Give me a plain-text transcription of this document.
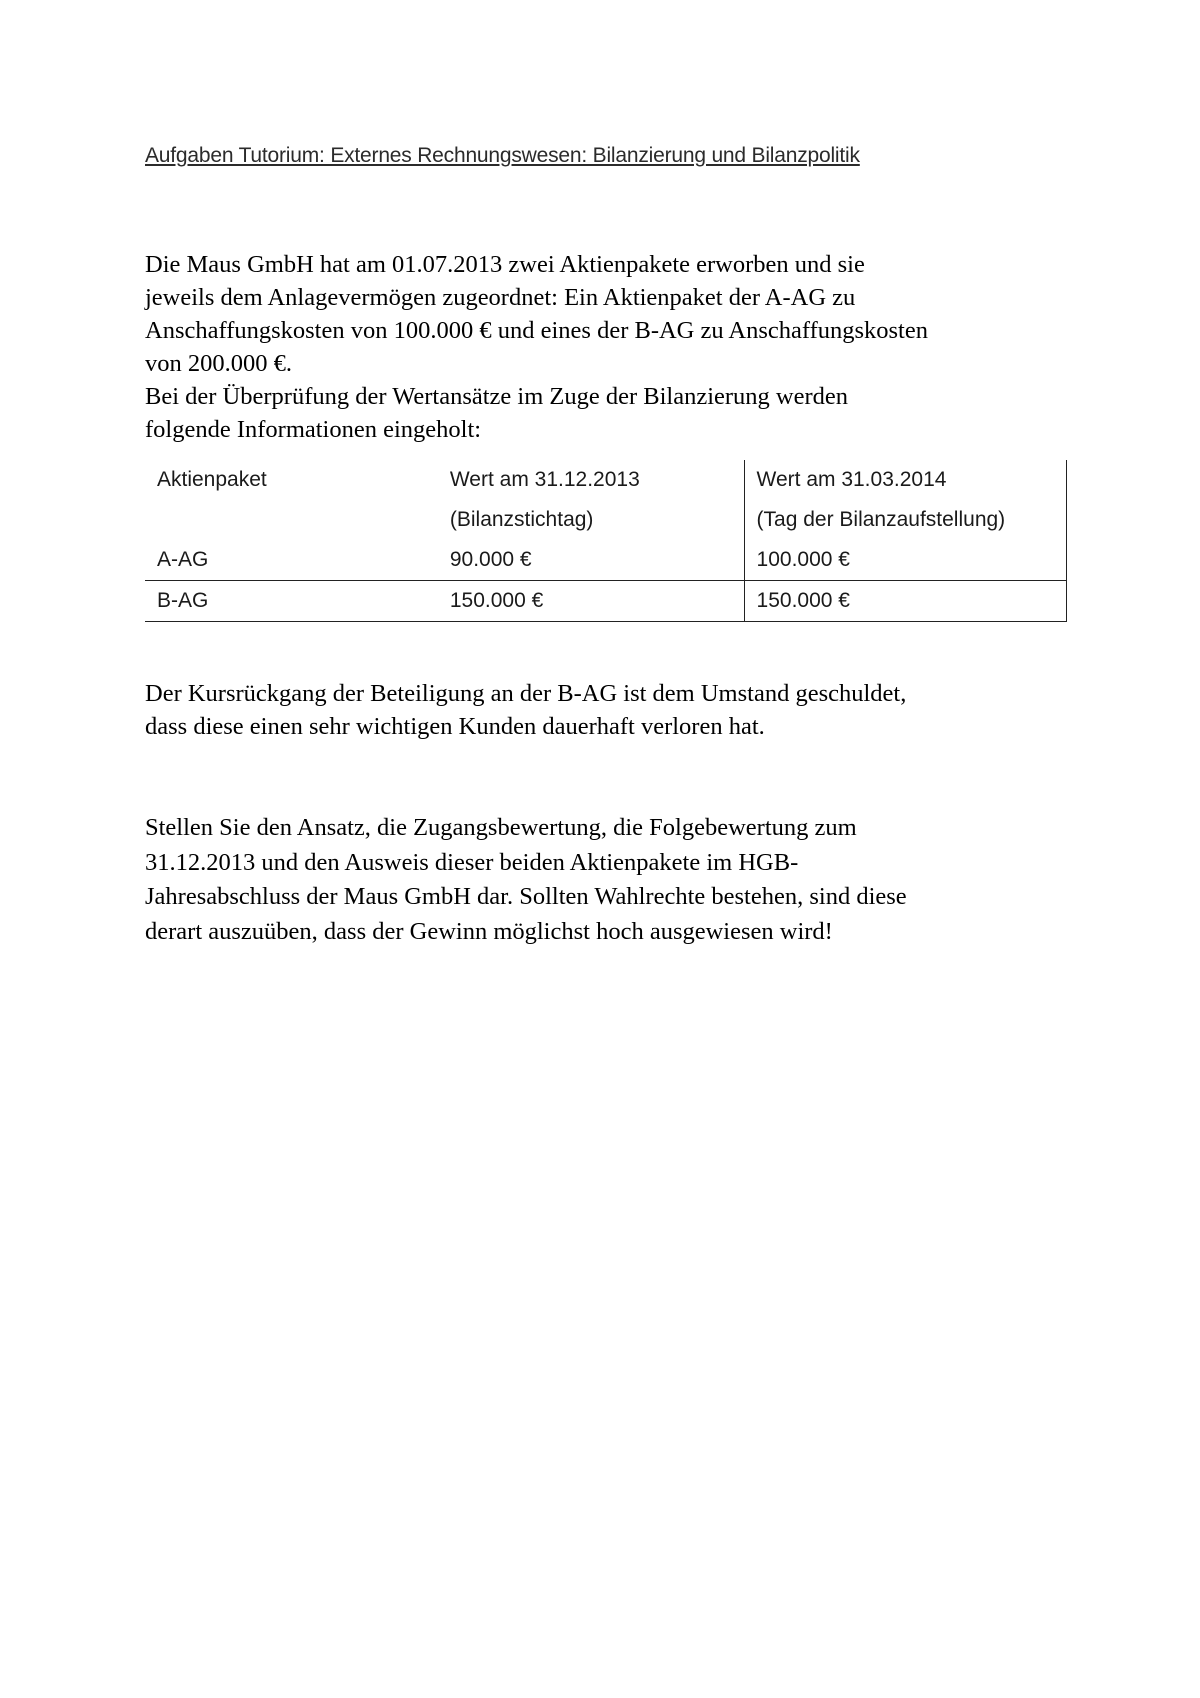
Aufgaben Tutorium: Externes Rechnungswesen: Bilanzierung und Bilanzpolitik
Die Maus GmbH hat am 01.07.2013 zwei Aktienpakete erworben und sie
jeweils dem Anlagevermögen zugeordnet: Ein Aktienpaket der A-AG zu
Anschaffungskosten von 100.000 € und eines der B-AG zu Anschaffungskosten
von 200.000 €.
Bei der Überprüfung der Wertansätze im Zuge der Bilanzierung werden
folgende Informationen eingeholt:
Aktienpaket	Wert am 31.12.2013	Wert am 31.03.2014
	(Bilanzstichtag)	(Tag der Bilanzaufstellung)
A-AG	90.000 €	100.000 €
B-AG	150.000 €	150.000 €
Der Kursrückgang der Beteiligung an der B-AG ist dem Umstand geschuldet,
dass diese einen sehr wichtigen Kunden dauerhaft verloren hat.
Stellen Sie den Ansatz, die Zugangsbewertung, die Folgebewertung zum
31.12.2013 und den Ausweis dieser beiden Aktienpakete im HGB-
Jahresabschluss der Maus GmbH dar. Sollten Wahlrechte bestehen, sind diese
derart auszuüben, dass der Gewinn möglichst hoch ausgewiesen wird!
